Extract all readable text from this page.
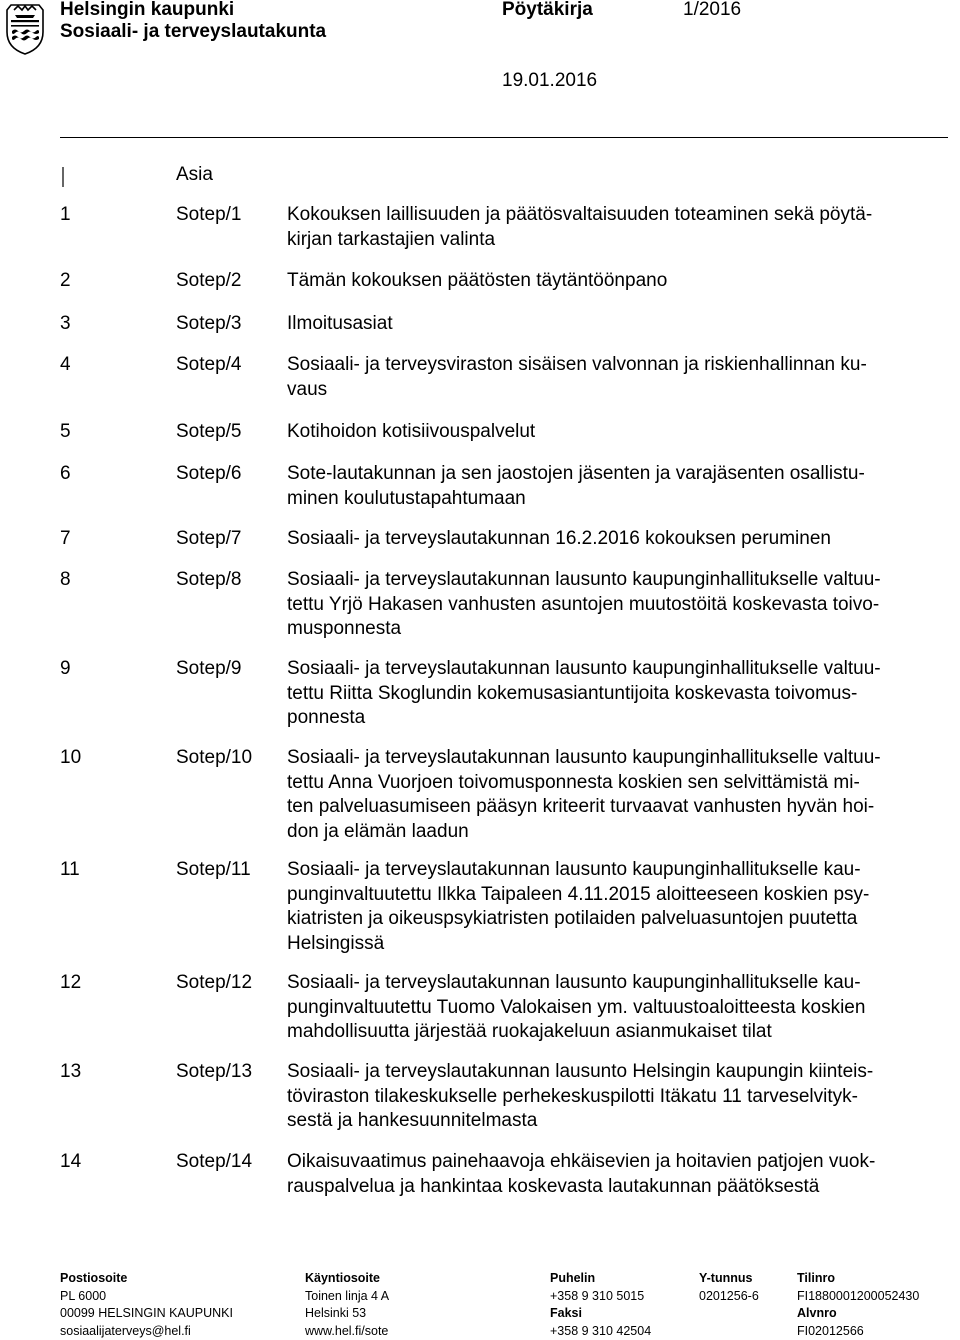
Helsingin kaupunki
Sosiaali- ja terveyslautakunta
Pöytäkirja	1/2016
19.01.2016
​	Asia
1	Sotep/1 Kokouksen laillisuuden ja päätösvaltaisuuden toteaminen sekä pöytä-
kirjan tarkastajien valinta
2	Sotep/2 Tämän kokouksen päätösten täytäntöönpano
3	Sotep/3 Ilmoitusasiat
4	Sotep/4 Sosiaali- ja terveysviraston sisäisen valvonnan ja riskienhallinnan ku-
vaus
5	Sotep/5 Kotihoidon kotisiivouspalvelut
6	Sotep/6 Sote-lautakunnan ja sen jaostojen jäsenten ja varajäsenten osallistu-
minen koulutustapahtumaan
7	Sotep/7 Sosiaali- ja terveyslautakunnan 16.2.2016 kokouksen peruminen
8	Sotep/8 Sosiaali- ja terveyslautakunnan lausunto kaupunginhallitukselle valtuu-
tettu Yrjö Hakasen vanhusten asuntojen muutostöitä koskevasta toivo-
musponnesta
9	Sotep/9 Sosiaali- ja terveyslautakunnan lausunto kaupunginhallitukselle valtuu-
tettu Riitta Skoglundin kokemusasiantuntijoita koskevasta toivomus-
ponnesta
10	Sotep/10 Sosiaali- ja terveyslautakunnan lausunto kaupunginhallitukselle valtuu-
tettu Anna Vuorjoen toivomusponnesta koskien sen selvittämistä mi-
ten palveluasumiseen pääsyn kriteerit turvaavat vanhusten hyvän hoi-
don ja elämän laadun
11	Sotep/11 Sosiaali- ja terveyslautakunnan lausunto kaupunginhallitukselle kau-
punginvaltuutettu Ilkka Taipaleen 4.11.2015 aloitteeseen koskien psy-
kiatristen ja oikeuspsykiatristen potilaiden palveluasuntojen puutetta
Helsingissä
12	Sotep/12 Sosiaali- ja terveyslautakunnan lausunto kaupunginhallitukselle kau-
punginvaltuutettu Tuomo Valokaisen ym. valtuustoaloitteesta koskien
mahdollisuutta järjestää ruokajakeluun asianmukaiset tilat
13	Sotep/13 Sosiaali- ja terveyslautakunnan lausunto Helsingin kaupungin kiinteis-
töviraston tilakeskukselle perhekeskuspilotti Itäkatu 11 tarveselvityk-
sestä ja hankesuunnitelmasta
14	Sotep/14 Oikaisuvaatimus painehaavoja ehkäisevien ja hoitavien patjojen vuok-
rauspalvelua ja hankintaa koskevasta lautakunnan päätöksestä
Postiosoite
PL 6000
00099 HELSINGIN KAUPUNKI
sosiaalijaterveys@hel.fi
Käyntiosoite
Toinen linja 4 A
Helsinki 53
www.hel.fi/sote
Puhelin
+358 9 310 5015
Faksi
+358 9 310 42504
Y-tunnus
0201256-6
Tilinro
FI1880001200052430
Alvnro
FI02012566
